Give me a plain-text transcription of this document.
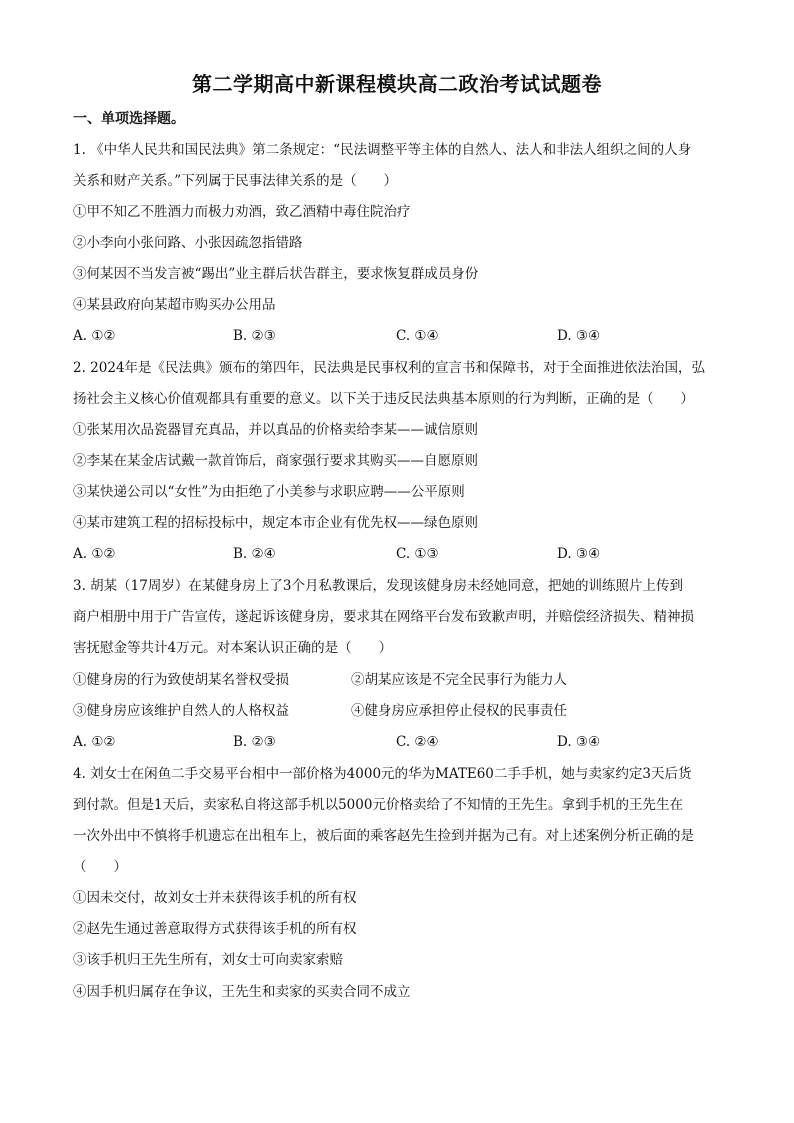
第二学期高中新课程模块高二政治考试试题卷
一、单项选择题。
1. 《中华人民共和国民法典》第二条规定：“民法调整平等主体的自然人、法人和非法人组织之间的人身
关系和财产关系。”下列属于民事法律关系的是（　　）
①甲不知乙不胜酒力而极力劝酒，致乙酒精中毒住院治疗
②小李向小张问路、小张因疏忽指错路
③何某因不当发言被“踢出”业主群后状告群主，要求恢复群成员身份
④某县政府向某超市购买办公用品
A. ①②	B. ②③	C. ①④	D. ③④
2. 2024年是《民法典》颁布的第四年，民法典是民事权利的宣言书和保障书，对于全面推进依法治国，弘
扬社会主义核心价值观都具有重要的意义。以下关于违反民法典基本原则的行为判断，正确的是（　　）
①张某用次品瓷器冒充真品，并以真品的价格卖给李某——诚信原则
②李某在某金店试戴一款首饰后，商家强行要求其购买——自愿原则
③某快递公司以“女性”为由拒绝了小美参与求职应聘——公平原则
④某市建筑工程的招标投标中，规定本市企业有优先权——绿色原则
A. ①②	B. ②④	C. ①③	D. ③④
3. 胡某（17周岁）在某健身房上了3个月私教课后，发现该健身房未经她同意，把她的训练照片上传到
商户相册中用于广告宣传，遂起诉该健身房，要求其在网络平台发布致歉声明，并赔偿经济损失、精神损
害抚慰金等共计4万元。对本案认识正确的是（　　）
①健身房的行为致使胡某名誉权受损	②胡某应该是不完全民事行为能力人
③健身房应该维护自然人的人格权益	④健身房应承担停止侵权的民事责任
A. ①②	B. ②③	C. ②④	D. ③④
4. 刘女士在闲鱼二手交易平台相中一部价格为4000元的华为MATE60二手手机，她与卖家约定3天后货
到付款。但是1天后，卖家私自将这部手机以5000元价格卖给了不知情的王先生。拿到手机的王先生在
一次外出中不慎将手机遗忘在出租车上，被后面的乘客赵先生捡到并据为己有。对上述案例分析正确的是
（　　）
①因未交付，故刘女士并未获得该手机的所有权
②赵先生通过善意取得方式获得该手机的所有权
③该手机归王先生所有，刘女士可向卖家索赔
④因手机归属存在争议，王先生和卖家的买卖合同不成立
